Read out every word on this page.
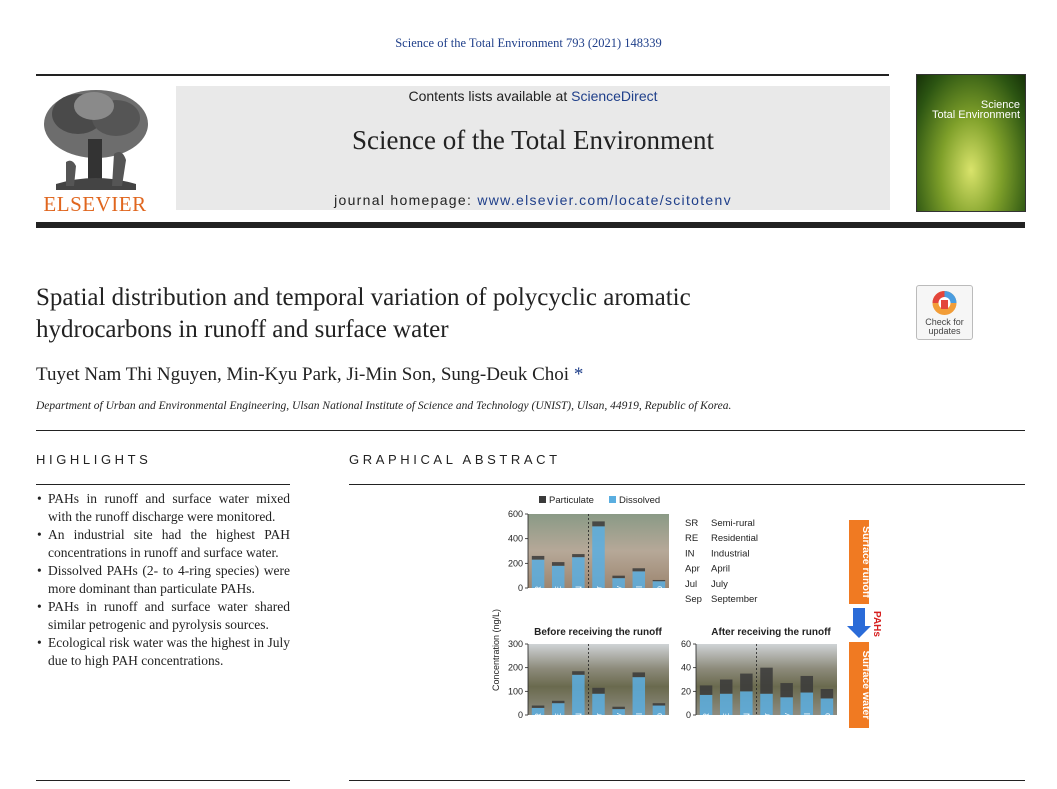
Science of the Total Environment 793 (2021) 148339
ELSEVIER
Contents lists available at ScienceDirect
Science of the Total Environment
journal homepage: www.elsevier.com/locate/scitotenv
Science
Total Environment
Spatial distribution and temporal variation of polycyclic aromatic
hydrocarbons in runoff and surface water	Check for
updates
Tuyet Nam Thi Nguyen, Min-Kyu Park, Ji-Min Son, Sung-Deuk Choi *
Department of Urban and Environmental Engineering, Ulsan National Institute of Science and Technology (UNIST), Ulsan, 44919, Republic of Korea.
HIGHLIGHTS	GRAPHICAL ABSTRACT
• PAHs in runoff and surface water mixed with the runoff discharge were monitored.
• An industrial site had the highest PAH concentrations in runoff and surface water.
• Dissolved PAHs (2- to 4-ring species) were more dominant than particulate PAHs.
• PAHs in runoff and surface water shared similar petrogenic and pyrolysis sources.
• Ecological risk water was the highest in July due to high PAH concentrations.
Particulate	Dissolved
Concentration (ng/L)	Before receiving the runoff	After receiving the runoff
0
200
400
600
SR RE IN Apr May Jul Sep
0
100
200
300
SR RE IN Apr May Jul Sep 0
20
40
60
SR RE IN Apr May Jul Sep
SR Semi-rural
RE Residential
IN Industrial
Apr April
Jul July
Sep September
Surface runoff
PAHs
Surface water
